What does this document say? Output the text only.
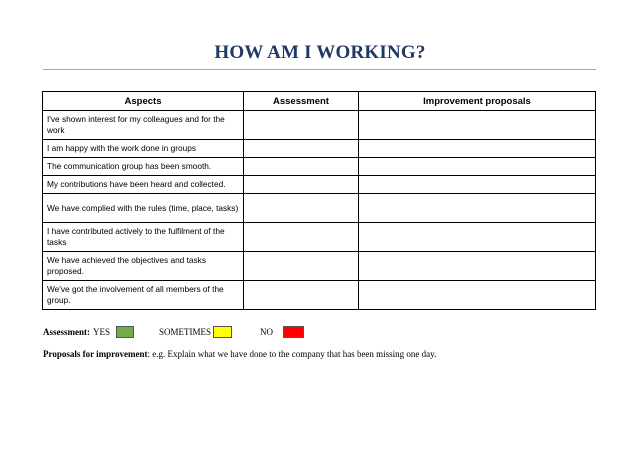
HOW AM I WORKING?
Aspects	Assessment	Improvement proposals
I've shown interest for my colleagues and for the work		
I am happy with the work done in groups		
The communication group has been smooth.		
My contributions have been heard and collected.		
We have complied with the rules (time, place, tasks)		
I have contributed actively to the fulfilment of the tasks		
We have achieved the objectives and tasks proposed.		
We've got the involvement of all members of the group.		
Assessment: YES	SOMETIMES	NO
Proposals for improvement: e.g. Explain what we have done to the company that has been missing one day.
